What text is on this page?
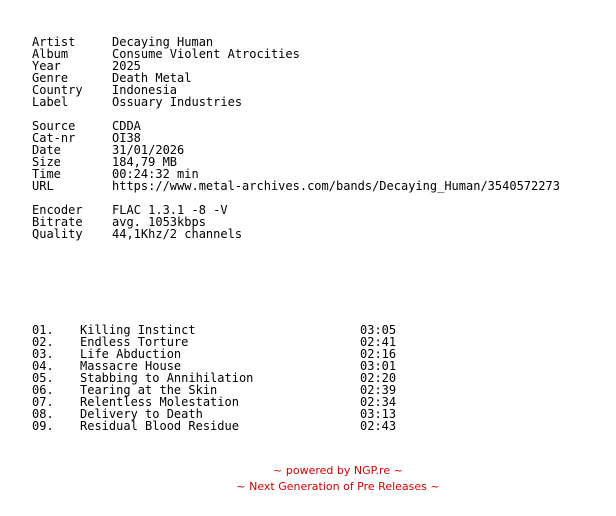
Artist	Decaying Human
Album	Consume Violent Atrocities
Year	2025
Genre	Death Metal
Country	Indonesia
Label	Ossuary Industries
Source	CDDA
Cat-nr	OI38
Date	31/01/2026
Size	184,79 MB
Time	00:24:32 min
URL	https://www.metal-archives.com/bands/Decaying_Human/3540572273
Encoder	FLAC 1.3.1 -8 -V
Bitrate	avg. 1053kbps
Quality	44,1Khz/2 channels
01.	Killing Instinct	03:05
02.	Endless Torture	02:41
03.	Life Abduction	02:16
04.	Massacre House	03:01
05.	Stabbing to Annihilation	02:20
06.	Tearing at the Skin	02:39
07.	Relentless Molestation	02:34
08.	Delivery to Death	03:13
09.	Residual Blood Residue	02:43
~ powered by NGP.re ~
~ Next Generation of Pre Releases ~
